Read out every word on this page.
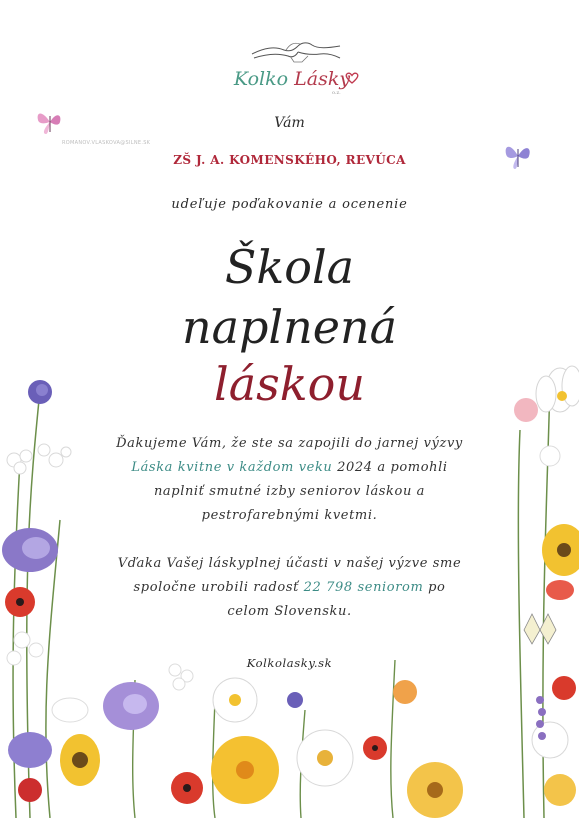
Kolko Lásky
o.z.
ROMANOV.VLASKOVA@SILNE.SK
Vám
ZŠ J. A. KOMENSKÉHO, REVÚCA
udeľuje poďakovanie a ocenenie
Škola
naplnená
láskou

Ďakujeme Vám, že ste sa zapojili do jarnej výzvy

Láska kvitne v každom veku 2024 a pomohli

naplniť smutné izby seniorov láskou a

pestrofarebnými kvetmi.

Vďaka Vašej láskyplnej účasti v našej výzve sme

spoločne urobili radosť 22 798 seniorom po

celom Slovensku.

Kolkolasky.sk
